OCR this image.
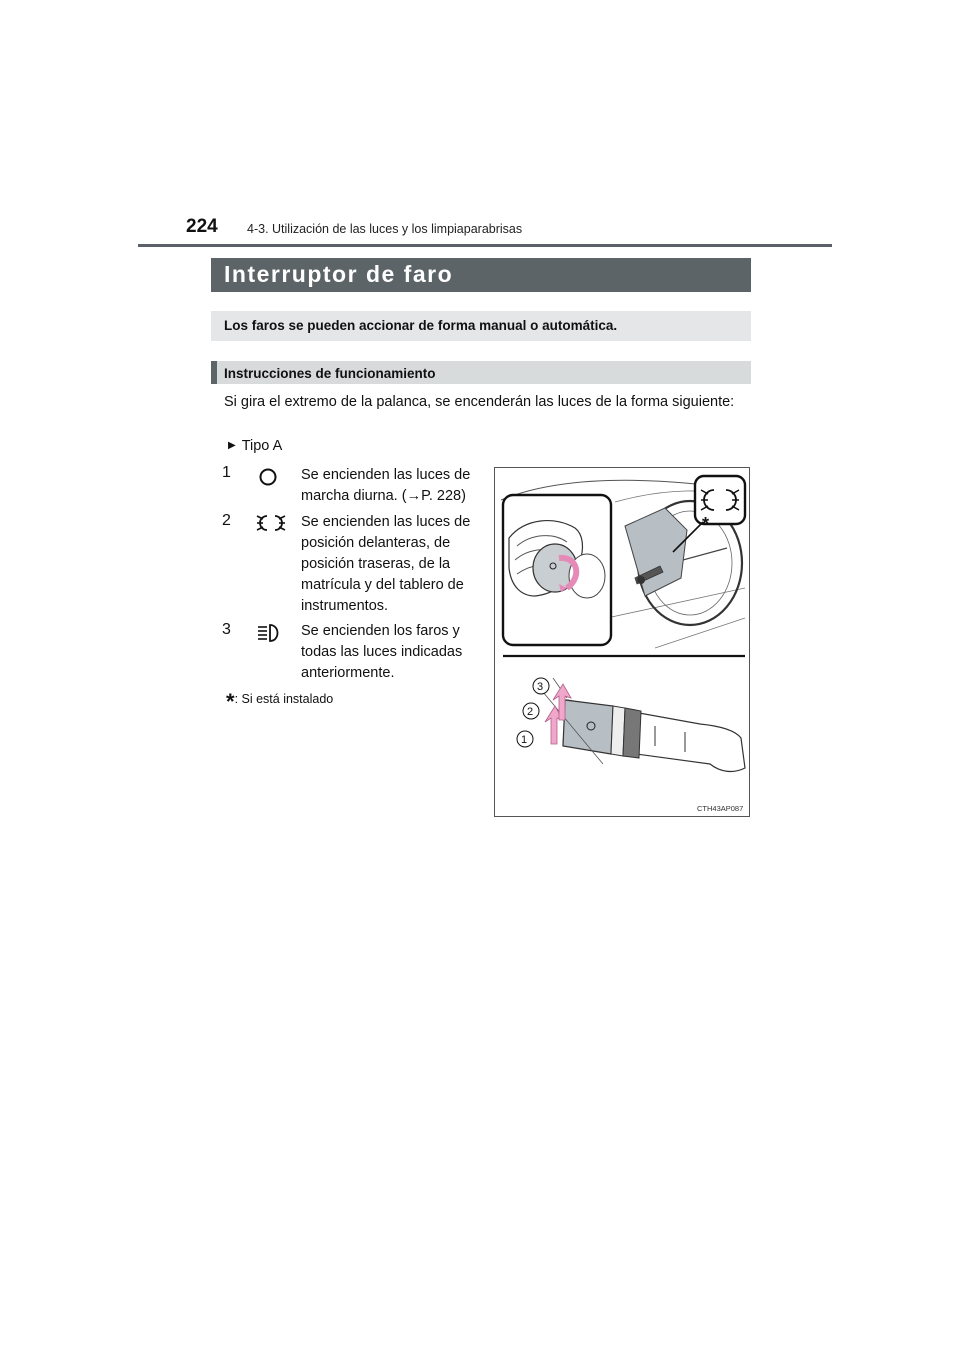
224 4-3. Utilización de las luces y los limpiaparabrisas
Interruptor de faro
Los faros se pueden accionar de forma manual o automática.
Instrucciones de funcionamiento
Si gira el extremo de la palanca, se encenderán las luces de la forma siguiente:
▶ Tipo A
1	Se encienden las luces de
marcha diurna. (→P. 228)
2	Se encienden las luces de
posición delanteras, de
posición traseras, de la
matrícula y del tablero de
instrumentos.
3	Se encienden los faros y
todas las luces indicadas
anteriormente.
*: Si está instalado
*
3
2
1
CTH43AP087
